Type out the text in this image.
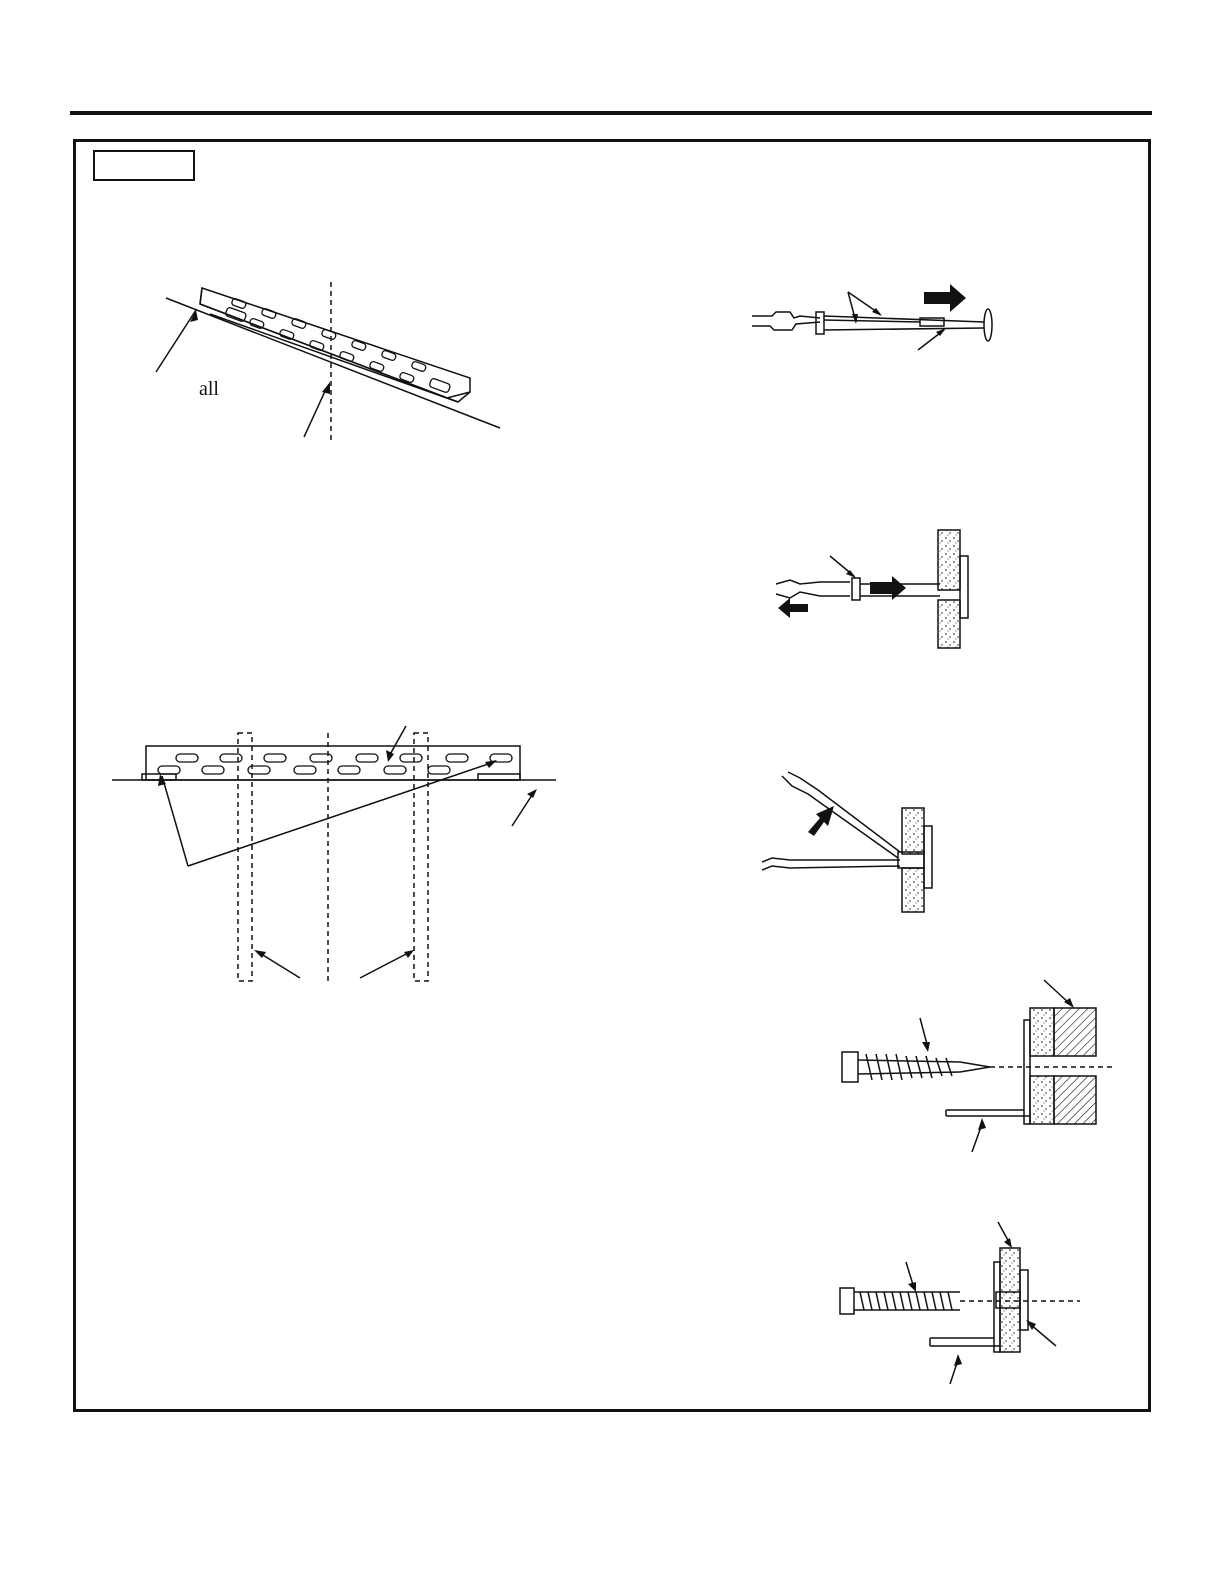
all
